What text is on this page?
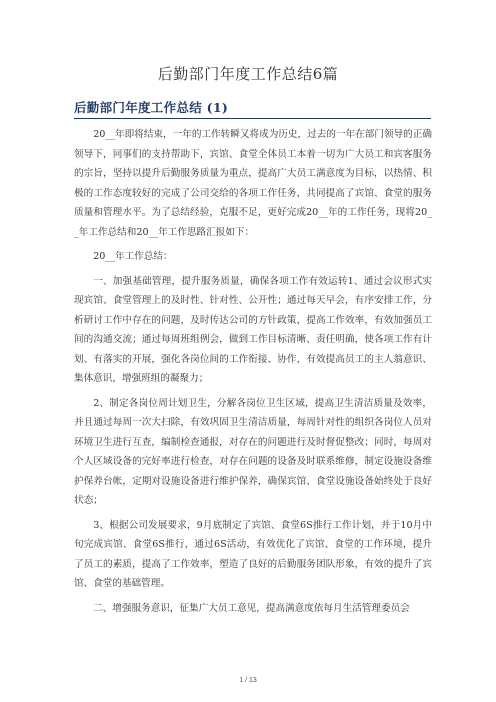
后勤部门年度工作总结6篇
后勤部门年度工作总结 (1)

20__年即将结束，一年的工作转瞬又将成为历史，过去的一年在部门领导的正确领导下，同事们的支持帮助下，宾馆、食堂全体员工本着一切为广大员工和宾客服务的宗旨，坚持以提升后勤服务质量为重点，提高广大员工满意度为目标，以热情、积极的工作态度较好的完成了公司交给的各项工作任务，共同提高了宾馆、食堂的服务质量和管理水平。为了总结经验，克服不足，更好完成20__年的工作任务，现将20__年工作总结和20__年工作思路汇报如下：

20__年工作总结：

一、加强基础管理，提升服务质量，确保各项工作有效运转1、通过会议形式实现宾馆、食堂管理上的及时性、针对性、公开性；通过每天早会，有序安排工作，分析研讨工作中存在的问题，及时传达公司的方针政策，提高工作效率，有效加强员工间的沟通交流；通过每周班组例会，做到工作目标清晰、责任明确，使各项工作有计划、有落实的开展，强化各岗位间的工作衔接、协作，有效提高员工的主人翁意识、集体意识，增强班组的凝聚力；

2、制定各岗位周计划卫生，分解各岗位卫生区域，提高卫生清洁质量及效率，并且通过每周一次大扫除，有效巩固卫生清洁质量，每周针对性的组织各岗位人员对环境卫生进行互查，编制检查通报，对存在的问题进行及时督促整改；同时，每周对个人区域设备的完好率进行检查，对存在问题的设备及时联系维修，制定设施设备维护保养台帐，定期对设施设备进行维护保养，确保宾馆、食堂设施设备始终处于良好状态；

3、根据公司发展要求，9月底制定了宾馆、食堂6S推行工作计划，并于10月中旬完成宾馆、食堂6S推行，通过6S活动，有效优化了宾馆、食堂的工作环境，提升了员工的素质，提高了工作效率，塑造了良好的后勤服务团队形象，有效的提升了宾馆、食堂的基础管理。

二、增强服务意识，征集广大员工意见，提高满意度依每月生活管理委员会

1 / 13
